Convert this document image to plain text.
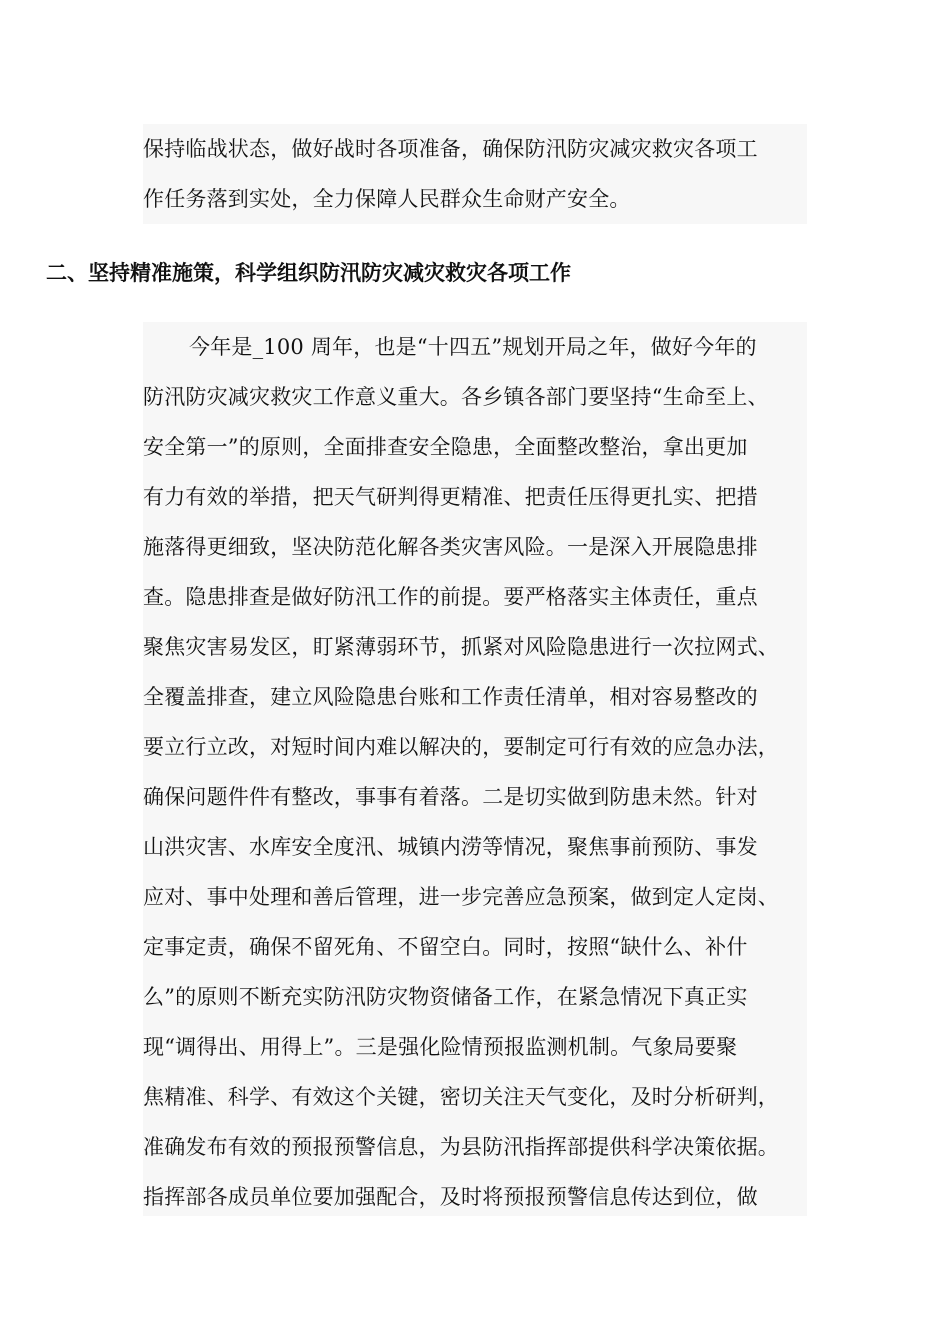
保持临战状态，做好战时各项准备，确保防汛防灾减灾救灾各项工
作任务落到实处，全力保障人民群众生命财产安全。
二、坚持精准施策，科学组织防汛防灾减灾救灾各项工作
今年是_100 周年，也是“十四五”规划开局之年，做好今年的
防汛防灾减灾救灾工作意义重大。各乡镇各部门要坚持“生命至上、
安全第一”的原则，全面排查安全隐患，全面整改整治，拿出更加
有力有效的举措，把天气研判得更精准、把责任压得更扎实、把措
施落得更细致，坚决防范化解各类灾害风险。一是深入开展隐患排
查。隐患排查是做好防汛工作的前提。要严格落实主体责任，重点
聚焦灾害易发区，盯紧薄弱环节，抓紧对风险隐患进行一次拉网式、
全覆盖排查，建立风险隐患台账和工作责任清单，相对容易整改的
要立行立改，对短时间内难以解决的，要制定可行有效的应急办法，
确保问题件件有整改，事事有着落。二是切实做到防患未然。针对
山洪灾害、水库安全度汛、城镇内涝等情况，聚焦事前预防、事发
应对、事中处理和善后管理，进一步完善应急预案，做到定人定岗、
定事定责，确保不留死角、不留空白。同时，按照“缺什么、补什
么”的原则不断充实防汛防灾物资储备工作，在紧急情况下真正实
现“调得出、用得上”。三是强化险情预报监测机制。气象局要聚
焦精准、科学、有效这个关键，密切关注天气变化，及时分析研判，
准确发布有效的预报预警信息，为县防汛指挥部提供科学决策依据。
指挥部各成员单位要加强配合，及时将预报预警信息传达到位，做
